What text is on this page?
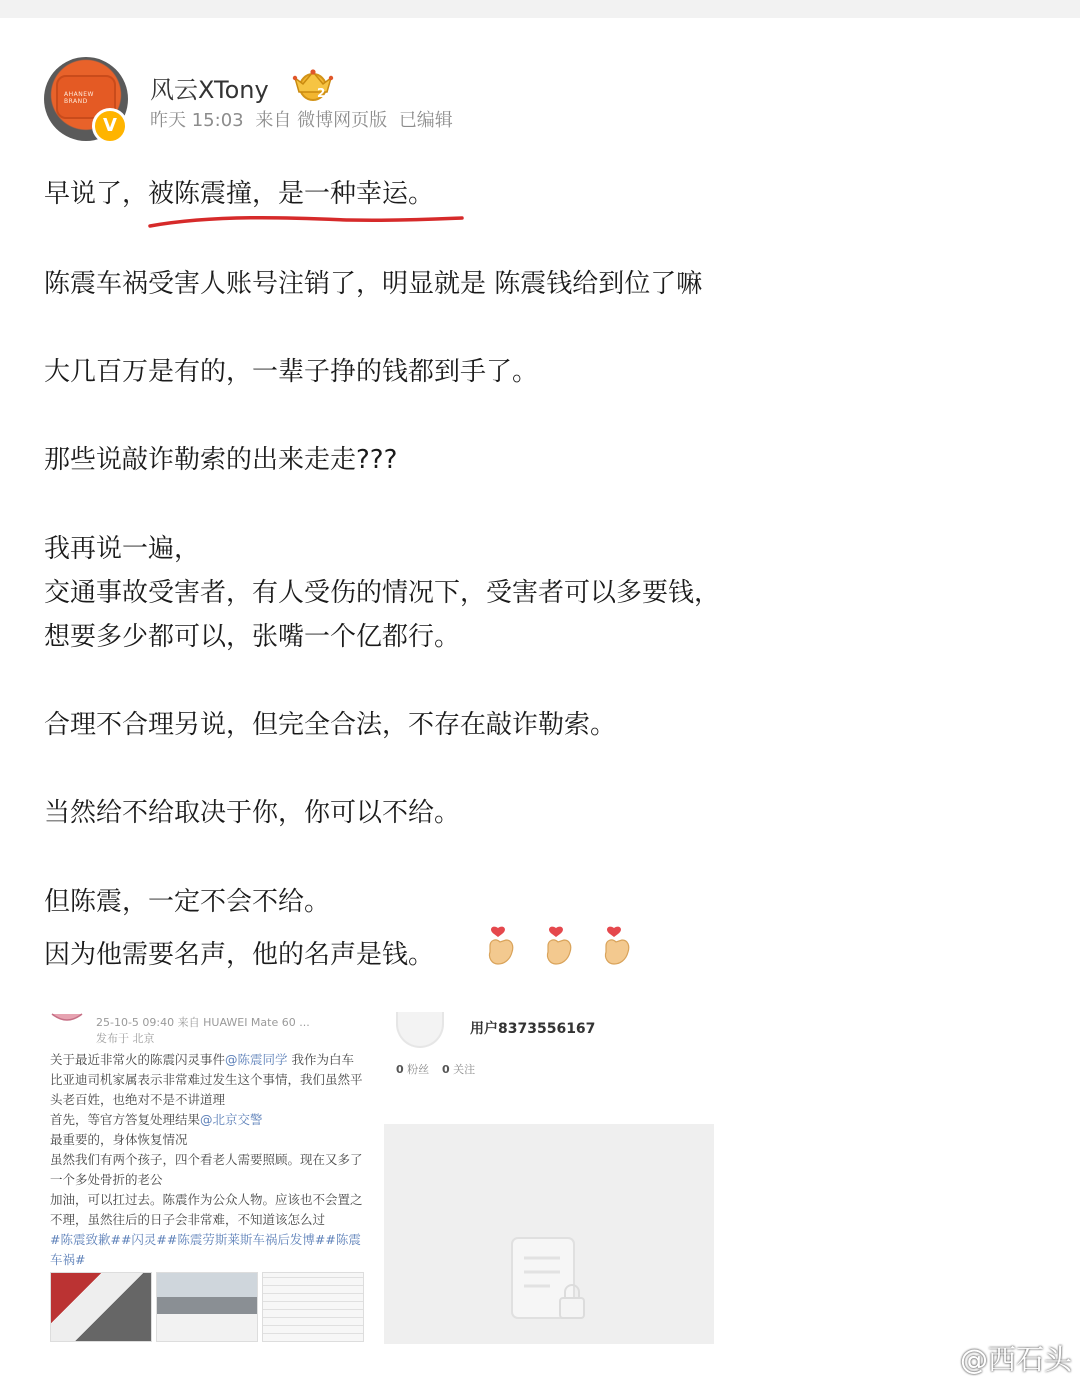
AHANEW BRAND
V
风云XTony	2
昨天 15:03 来自 微博网页版 已编辑
早说了，被陈震撞，是一种幸运。
陈震车祸受害人账号注销了，明显就是 陈震钱给到位了嘛
大几百万是有的，一辈子挣的钱都到手了。
那些说敲诈勒索的出来走走???
我再说一遍，
交通事故受害者，有人受伤的情况下，受害者可以多要钱，
想要多少都可以，张嘴一个亿都行。
合理不合理另说，但完全合法，不存在敲诈勒索。
当然给不给取决于你，你可以不给。
但陈震，一定不会不给。
因为他需要名声，他的名声是钱。
25-10-5 09:40 来自 HUAWEI Mate 60 ...
发布于 北京
关于最近非常火的陈震闪灵事件@陈震同学 我作为白车比亚迪司机家属表示非常难过发生这个事情，我们虽然平头老百姓，也绝对不是不讲道理
首先，等官方答复处理结果@北京交警
最重要的，身体恢复情况
虽然我们有两个孩子，四个看老人需要照顾。现在又多了一个多处骨折的老公
加油，可以扛过去。陈震作为公众人物。应该也不会置之不理，虽然往后的日子会非常难，不知道该怎么过
#陈震致歉##闪灵##陈震劳斯莱斯车祸后发博##陈震车祸#
用户8373556167
0 粉丝 0 关注
@西石头
